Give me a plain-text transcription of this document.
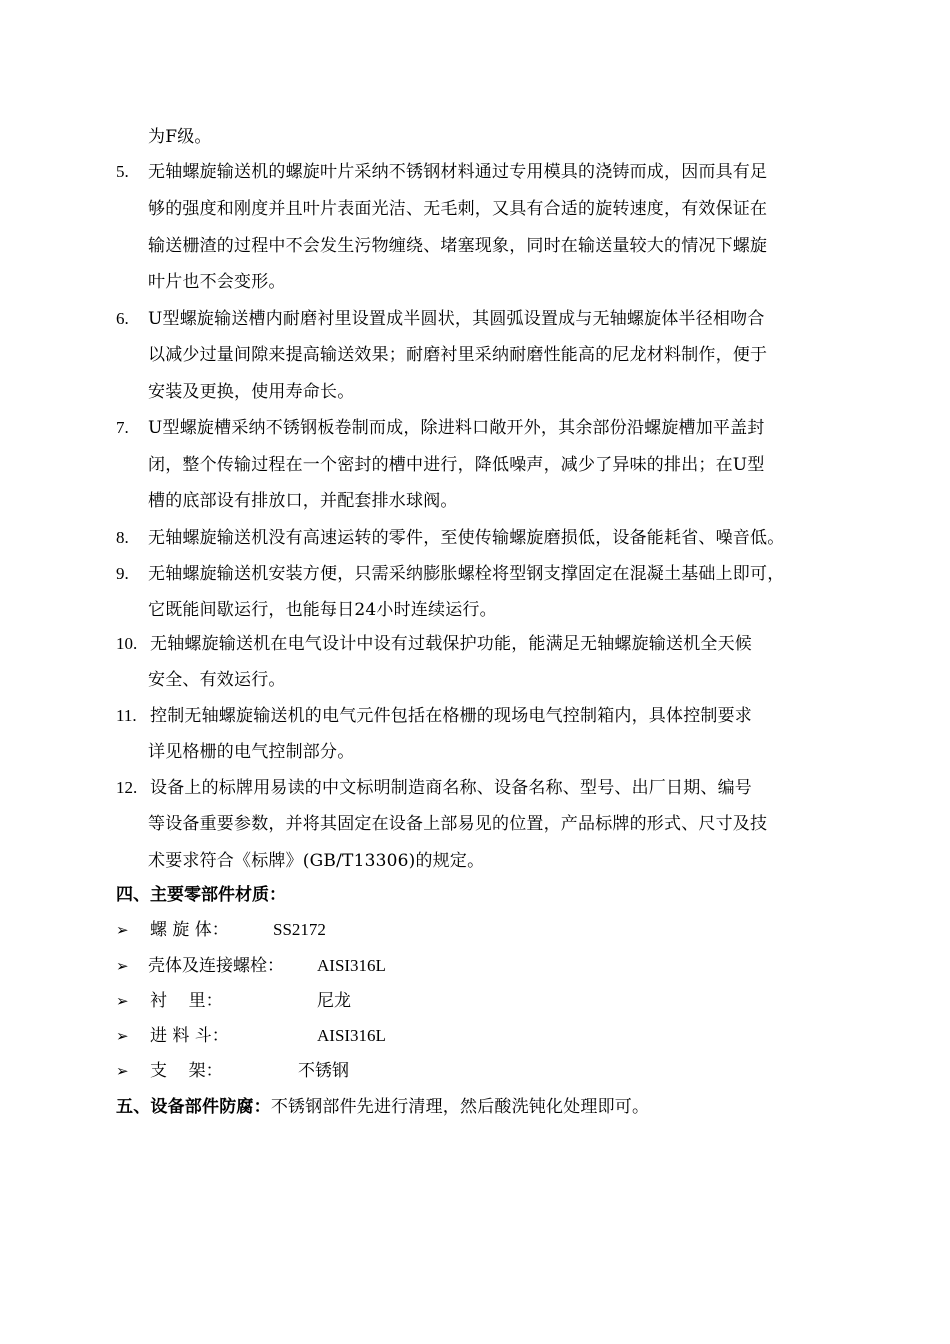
为F级。
5. 无轴螺旋输送机的螺旋叶片采纳不锈钢材料通过专用模具的浇铸而成，因而具有足
够的强度和刚度并且叶片表面光洁、无毛刺，又具有合适的旋转速度，有效保证在
输送栅渣的过程中不会发生污物缠绕、堵塞现象，同时在输送量较大的情况下螺旋
叶片也不会变形。
6. U型螺旋输送槽内耐磨衬里设置成半圆状，其圆弧设置成与无轴螺旋体半径相吻合
以减少过量间隙来提高输送效果；耐磨衬里采纳耐磨性能高的尼龙材料制作，便于
安装及更换，使用寿命长。
7. U型螺旋槽采纳不锈钢板卷制而成，除进料口敞开外，其余部份沿螺旋槽加平盖封
闭，整个传输过程在一个密封的槽中进行，降低噪声，减少了异味的排出；在U型
槽的底部设有排放口，并配套排水球阀。
8. 无轴螺旋输送机没有高速运转的零件，至使传输螺旋磨损低，设备能耗省、噪音低。
9. 无轴螺旋输送机安装方便，只需采纳膨胀螺栓将型钢支撑固定在混凝土基础上即可，
它既能间歇运行，也能每日24小时连续运行。
10. 无轴螺旋输送机在电气设计中设有过载保护功能，能满足无轴螺旋输送机全天候
安全、有效运行。
11. 控制无轴螺旋输送机的电气元件包括在格栅的现场电气控制箱内，具体控制要求
详见格栅的电气控制部分。
12. 设备上的标牌用易读的中文标明制造商名称、设备名称、型号、出厂日期、编号
等设备重要参数，并将其固定在设备上部易见的位置，产品标牌的形式、尺寸及技
术要求符合《标牌》(GB/T13306)的规定。
四、主要零部件材质：
➢ 螺 旋 体：	SS2172
➢ 壳体及连接螺栓： AISI316L
➢ 衬    里：	尼龙
➢ 进 料 斗：	AISI316L
➢ 支    架：	不锈钢
五、设备部件防腐：不锈钢部件先进行清理，然后酸洗钝化处理即可。
